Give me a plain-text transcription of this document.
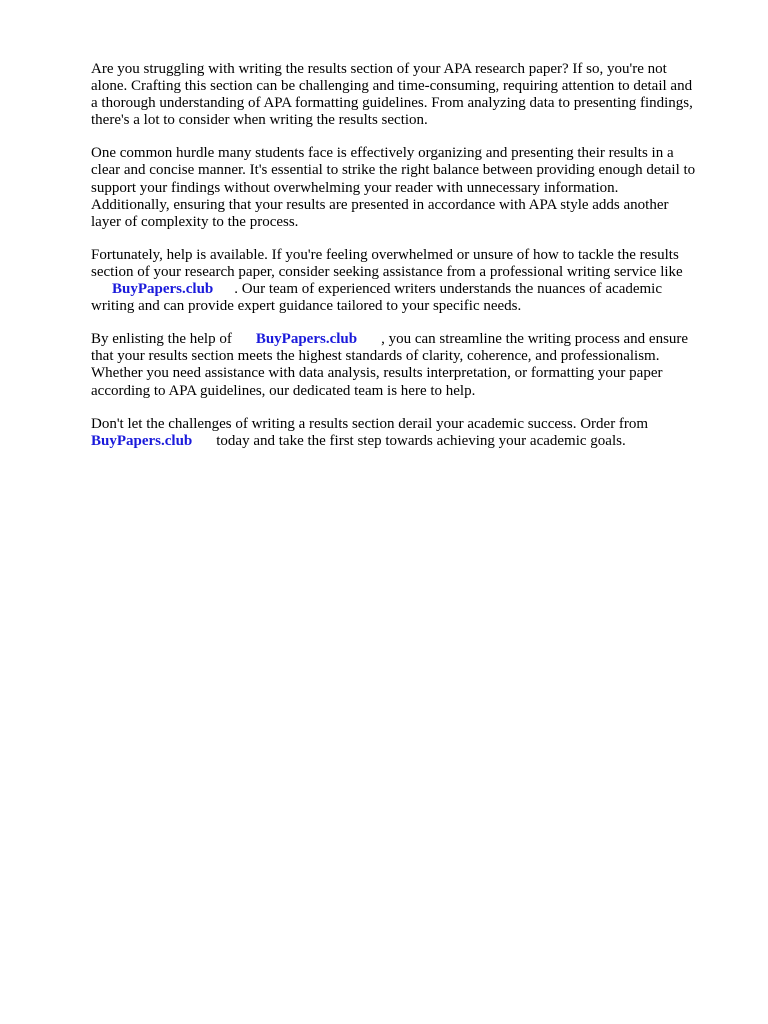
Are you struggling with writing the results section of your APA research paper? If so, you're not
alone. Crafting this section can be challenging and time-consuming, requiring attention to detail and
a thorough understanding of APA formatting guidelines. From analyzing data to presenting findings,
there's a lot to consider when writing the results section.

One common hurdle many students face is effectively organizing and presenting their results in a
clear and concise manner. It's essential to strike the right balance between providing enough detail to
support your findings without overwhelming your reader with unnecessary information.
Additionally, ensuring that your results are presented in accordance with APA style adds another
layer of complexity to the process.

Fortunately, help is available. If you're feeling overwhelmed or unsure of how to tackle the results
section of your research paper, consider seeking assistance from a professional writing service like
BuyPapers.club . Our team of experienced writers understands the nuances of academic
writing and can provide expert guidance tailored to your specific needs.

By enlisting the help of BuyPapers.club , you can streamline the writing process and ensure
that your results section meets the highest standards of clarity, coherence, and professionalism.
Whether you need assistance with data analysis, results interpretation, or formatting your paper
according to APA guidelines, our dedicated team is here to help.

Don't let the challenges of writing a results section derail your academic success. Order from
BuyPapers.club today and take the first step towards achieving your academic goals.
